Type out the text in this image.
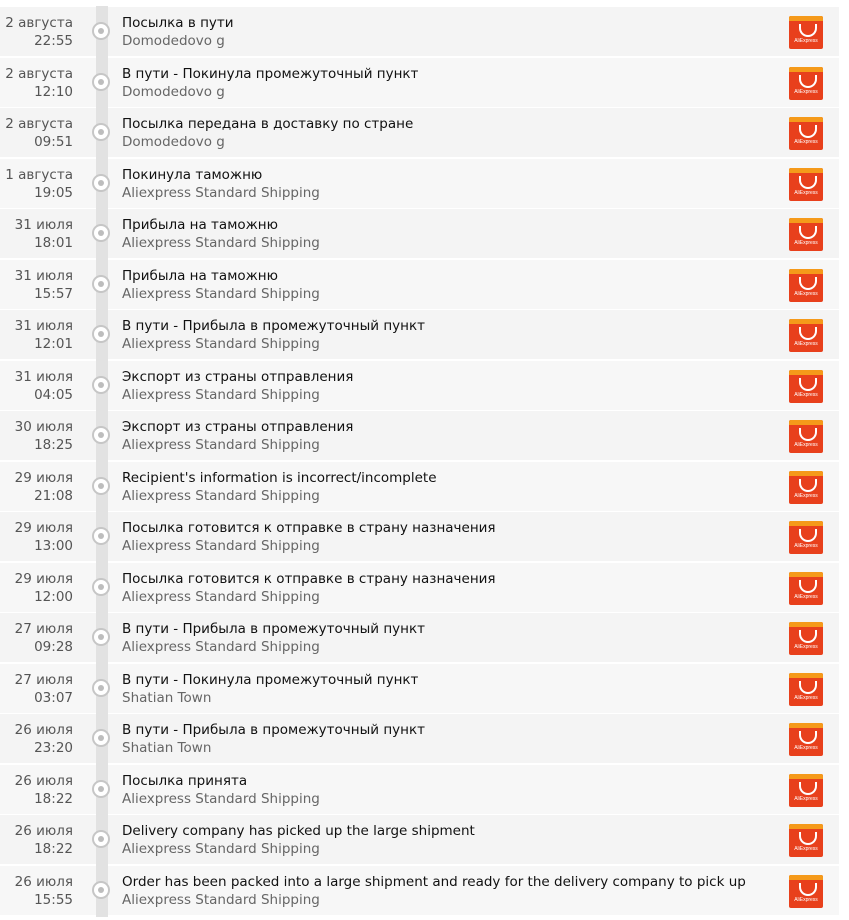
2 августа
22:55
Посылка в пути
Domodedovo g	AliExpress
2 августа
12:10
В пути - Покинула промежуточный пункт
Domodedovo g	AliExpress
2 августа
09:51
Посылка передана в доставку по стране
Domodedovo g	AliExpress
1 августа
19:05
Покинула таможню
Aliexpress Standard Shipping	AliExpress
31 июля
18:01
Прибыла на таможню
Aliexpress Standard Shipping	AliExpress
31 июля
15:57
Прибыла на таможню
Aliexpress Standard Shipping	AliExpress
31 июля
12:01
В пути - Прибыла в промежуточный пункт
Aliexpress Standard Shipping	AliExpress
31 июля
04:05
Экспорт из страны отправления
Aliexpress Standard Shipping	AliExpress
30 июля
18:25
Экспорт из страны отправления
Aliexpress Standard Shipping	AliExpress
29 июля
21:08
Recipient's information is incorrect/incomplete
Aliexpress Standard Shipping	AliExpress
29 июля
13:00
Посылка готовится к отправке в страну назначения
Aliexpress Standard Shipping	AliExpress
29 июля
12:00
Посылка готовится к отправке в страну назначения
Aliexpress Standard Shipping	AliExpress
27 июля
09:28
В пути - Прибыла в промежуточный пункт
Aliexpress Standard Shipping	AliExpress
27 июля
03:07
В пути - Покинула промежуточный пункт
Shatian Town	AliExpress
26 июля
23:20
В пути - Прибыла в промежуточный пункт
Shatian Town	AliExpress
26 июля
18:22
Посылка принята
Aliexpress Standard Shipping	AliExpress
26 июля
18:22
Delivery company has picked up the large shipment
Aliexpress Standard Shipping	AliExpress
26 июля
15:55
Order has been packed into a large shipment and ready for the delivery company to pick up
Aliexpress Standard Shipping	AliExpress
